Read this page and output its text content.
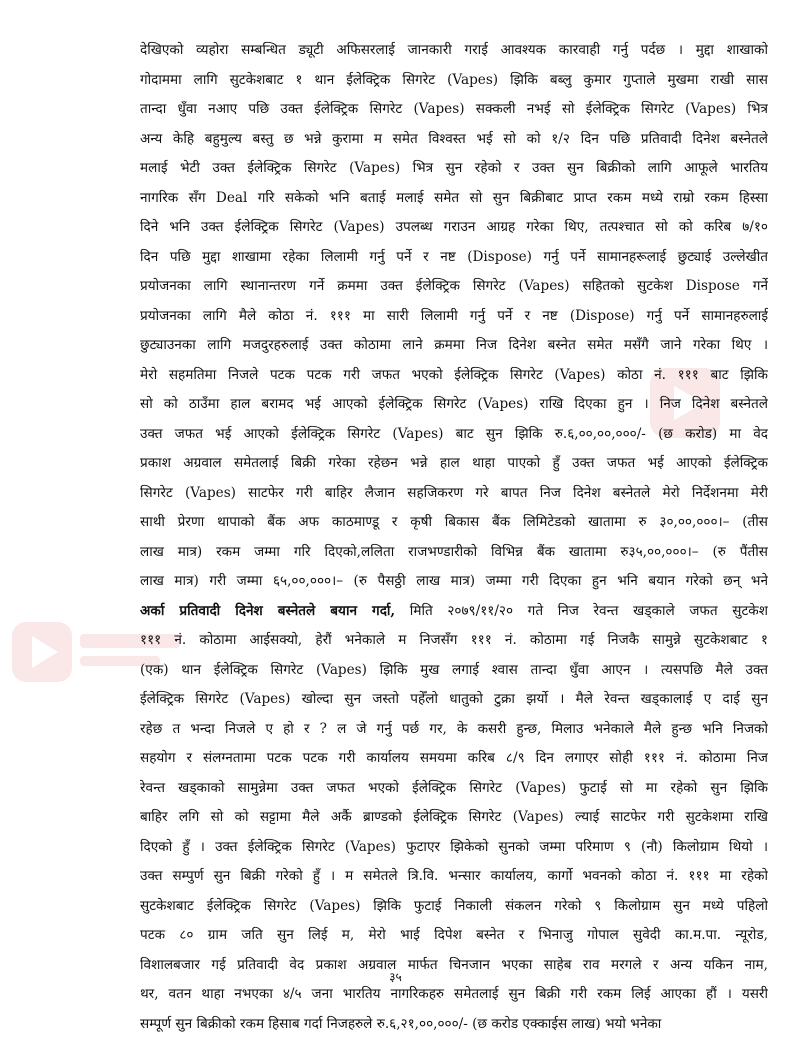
देखिएको व्यहोरा सम्बन्धित ड्यूटी अफिसरलाई जानकारी गराई आवश्यक कारवाही गर्नु पर्दछ । मुद्दा शाखाको
गोदाममा लागि सुटकेशबाट १ थान ईलेक्ट्रिक सिगरेट (Vapes) झिकि बब्लु कुमार गुप्ताले मुखमा राखी सास
तान्दा धुँवा नआए पछि उक्त ईलेक्ट्रिक सिगरेट (Vapes) सक्कली नभई सो ईलेक्ट्रिक सिगरेट (Vapes) भित्र
अन्य केहि बहुमुल्य बस्तु छ भन्ने कुरामा म समेत विश्वस्त भई सो को १/२ दिन पछि प्रतिवादी दिनेश बस्नेतले
मलाई भेटी उक्त ईलेक्ट्रिक सिगरेट (Vapes) भित्र सुन रहेको र उक्त सुन बिक्रीको लागि आफूले भारतिय
नागरिक सँग Deal गरि सकेको भनि बताई मलाई समेत सो सुन बिक्रीबाट प्राप्त रकम मध्ये राम्रो रकम हिस्सा
दिने भनि उक्त ईलेक्ट्रिक सिगरेट (Vapes) उपलब्ध गराउन आग्रह गरेका थिए, तत्पश्चात सो को करिब ७/१०
दिन पछि मुद्दा शाखामा रहेका लिलामी गर्नु पर्ने र नष्ट (Dispose) गर्नु पर्ने सामानहरूलाई छुट्याई उल्लेखीत
प्रयोजनका लागि स्थानान्तरण गर्ने क्रममा उक्त ईलेक्ट्रिक सिगरेट (Vapes) सहितको सुटकेश Dispose गर्ने
प्रयोजनका लागि मैले कोठा नं. १११ मा सारी लिलामी गर्नु पर्ने र नष्ट (Dispose) गर्नु पर्ने सामानहरुलाई
छुट्याउनका लागि मजदुरहरुलाई उक्त कोठामा लाने क्रममा निज दिनेश बस्नेत समेत मसँगै जाने गरेका थिए ।
मेरो सहमतिमा निजले पटक पटक गरी जफत भएको ईलेक्ट्रिक सिगरेट (Vapes) कोठा नं. १११ बाट झिकि
सो को ठाउँमा हाल बरामद भई आएको ईलेक्ट्रिक सिगरेट (Vapes) राखि दिएका हुन । निज दिनेश बस्नेतले
उक्त जफत भई आएको ईलेक्ट्रिक सिगरेट (Vapes) बाट सुन झिकि रु.६,००,००,०००/- (छ करोड) मा वेद
प्रकाश अग्रवाल समेतलाई बिक्री गरेका रहेछन भन्ने हाल थाहा पाएको हुँ उक्त जफत भई आएको ईलेक्ट्रिक
सिगरेट (Vapes) साटफेर गरी बाहिर लैजान सहजिकरण गरे बापत निज दिनेश बस्नेतले मेरो निर्देशनमा मेरी
साथी प्रेरणा थापाको बैंक अफ काठमाण्डू र कृषी बिकास बैंक लिमिटेडको खातामा रु ३०,००,०००।– (तीस
लाख मात्र) रकम जम्मा गरि दिएको,ललिता राजभण्डारीको विभिन्न बैंक खातामा रु३५,००,०००।– (रु पैंतीस
लाख मात्र) गरी जम्मा ६५,००,०००।– (रु पैसठ्ठी लाख मात्र) जम्मा गरी दिएका हुन भनि बयान गरेको छन् भने
अर्का प्रतिवादी दिनेश बस्नेतले बयान गर्दा, मिति २०७९/११/२० गते निज रेवन्त खड्काले जफत सुटकेश
१११ नं. कोठामा आईसक्यो, हेरौं भनेकाले म निजसँग १११ नं. कोठामा गई निजकै सामुन्ने सुटकेशबाट १
(एक) थान ईलेक्ट्रिक सिगरेट (Vapes) झिकि मुख लगाई श्वास तान्दा धुँवा आएन । त्यसपछि मैले उक्त
ईलेक्ट्रिक सिगरेट (Vapes) खोल्दा सुन जस्तो पहेँलो धातुको टुक्रा झर्यो । मैले रेवन्त खड्कालाई ए दाई सुन
रहेछ त भन्दा निजले ए हो र ? ल जे गर्नु पर्छ गर, के कसरी हुन्छ, मिलाउ भनेकाले मैले हुन्छ भनि निजको
सहयोग र संलग्नतामा पटक पटक गरी कार्यालय समयमा करिब ८/९ दिन लगाएर सोही १११ नं. कोठामा निज
रेवन्त खड्काको सामुन्नेमा उक्त जफत भएको ईलेक्ट्रिक सिगरेट (Vapes) फुटाई सो मा रहेको सुन झिकि
बाहिर लगि सो को सट्टामा मैले अर्कै ब्राण्डको ईलेक्ट्रिक सिगरेट (Vapes) ल्याई साटफेर गरी सुटकेशमा राखि
दिएको हुँ । उक्त ईलेक्ट्रिक सिगरेट (Vapes) फुटाएर झिकेको सुनको जम्मा परिमाण ९ (नौ) किलोग्राम थियो ।
उक्त सम्पुर्ण सुन बिक्री गरेको हुँ । म समेतले त्रि.वि. भन्सार कार्यालय, कार्गो भवनको कोठा नं. १११ मा रहेको
सुटकेशबाट ईलेक्ट्रिक सिगरेट (Vapes) झिकि फुटाई निकाली संकलन गरेको ९ किलोग्राम सुन मध्ये पहिलो
पटक ८० ग्राम जति सुन लिई म, मेरो भाई दिपेश बस्नेत र भिनाजु गोपाल सुवेदी का.म.पा. न्यूरोड,
विशालबजार गई प्रतिवादी वेद प्रकाश अग्रवाल मार्फत चिनजान भएका साहेब राव मरगले र अन्य यकिन नाम,
थर, वतन थाहा नभएका ४/५ जना भारतिय नागरिकहरु समेतलाई सुन बिक्री गरी रकम लिई आएका हौं । यसरी
सम्पूर्ण सुन बिक्रीको रकम हिसाब गर्दा निजहरुले रु.६,२१,००,०००/- (छ करोड एक्काईस लाख) भयो भनेका
३५
